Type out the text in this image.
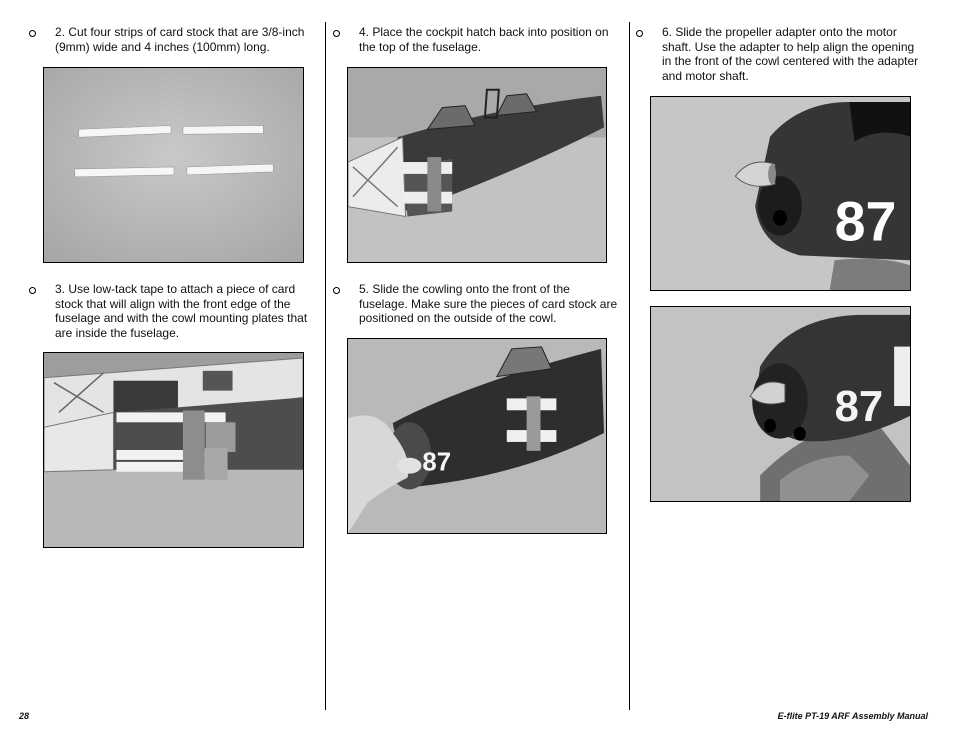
2. Cut four strips of card stock that are 3/8-inch (9mm) wide and 4 inches (100mm) long.
3. Use low-tack tape to attach a piece of card stock that will align with the front edge of the fuselage and with the cowl mounting plates that are inside the fuselage.
4. Place the cockpit hatch back into position on the top of the fuselage.
5. Slide the cowling onto the front of the fuselage. Make sure the pieces of card stock are positioned on the outside of the cowl.
87
6. Slide the propeller adapter onto the motor shaft. Use the adapter to help align the opening in the front of the cowl centered with the adapter and motor shaft.
87
87
28	E-flite PT-19 ARF Assembly Manual
